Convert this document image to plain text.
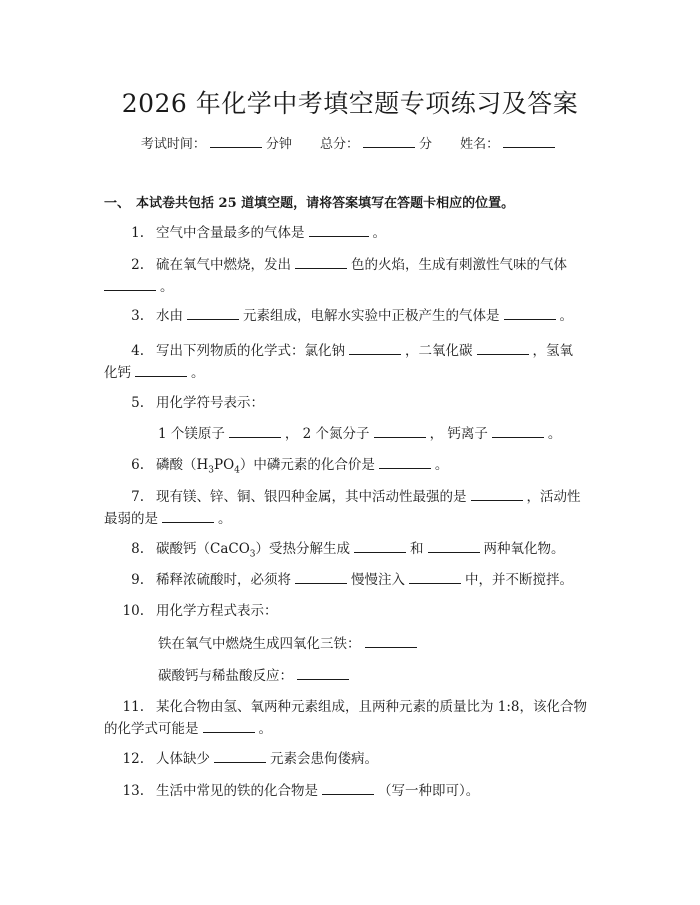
2026 年化学中考填空题专项练习及答案
考试时间：	分钟 总分：	分 姓名：
一、 本试卷共包括 25 道填空题，请将答案填写在答题卡相应的位置。
1. 空气中含量最多的气体是	。
2. 硫在氧气中燃烧，发出	色的火焰，生成有刺激性气味的气体
。
3. 水由	元素组成，电解水实验中正极产生的气体是	。
4. 写出下列物质的化学式：氯化钠	，二氧化碳	，氢氧
化钙	。
5. 用化学符号表示：
1 个镁原子	， 2 个氮分子	， 钙离子	。
6. 磷酸$(H_3PO_4)$中磷元素的化合价是	。
7. 现有镁、锌、铜、银四种金属，其中活动性最强的是	，活动性
最弱的是	。
8. 碳酸钙（CaCO$_3$）受热分解生成	和	两种氧化物。
9. 稀释浓硫酸时，必须将	慢慢注入	中，并不断搅拌。
10. 用化学方程式表示：
铁在氧气中燃烧生成四氧化三铁：
碳酸钙与稀盐酸反应：
11. 某化合物由氢、氧两种元素组成，且两种元素的质量比为 1:8，该化合物
的化学式可能是	。
12. 人体缺少	元素会患佝偻病。
13. 生活中常见的铁的化合物是	（写一种即可）。
